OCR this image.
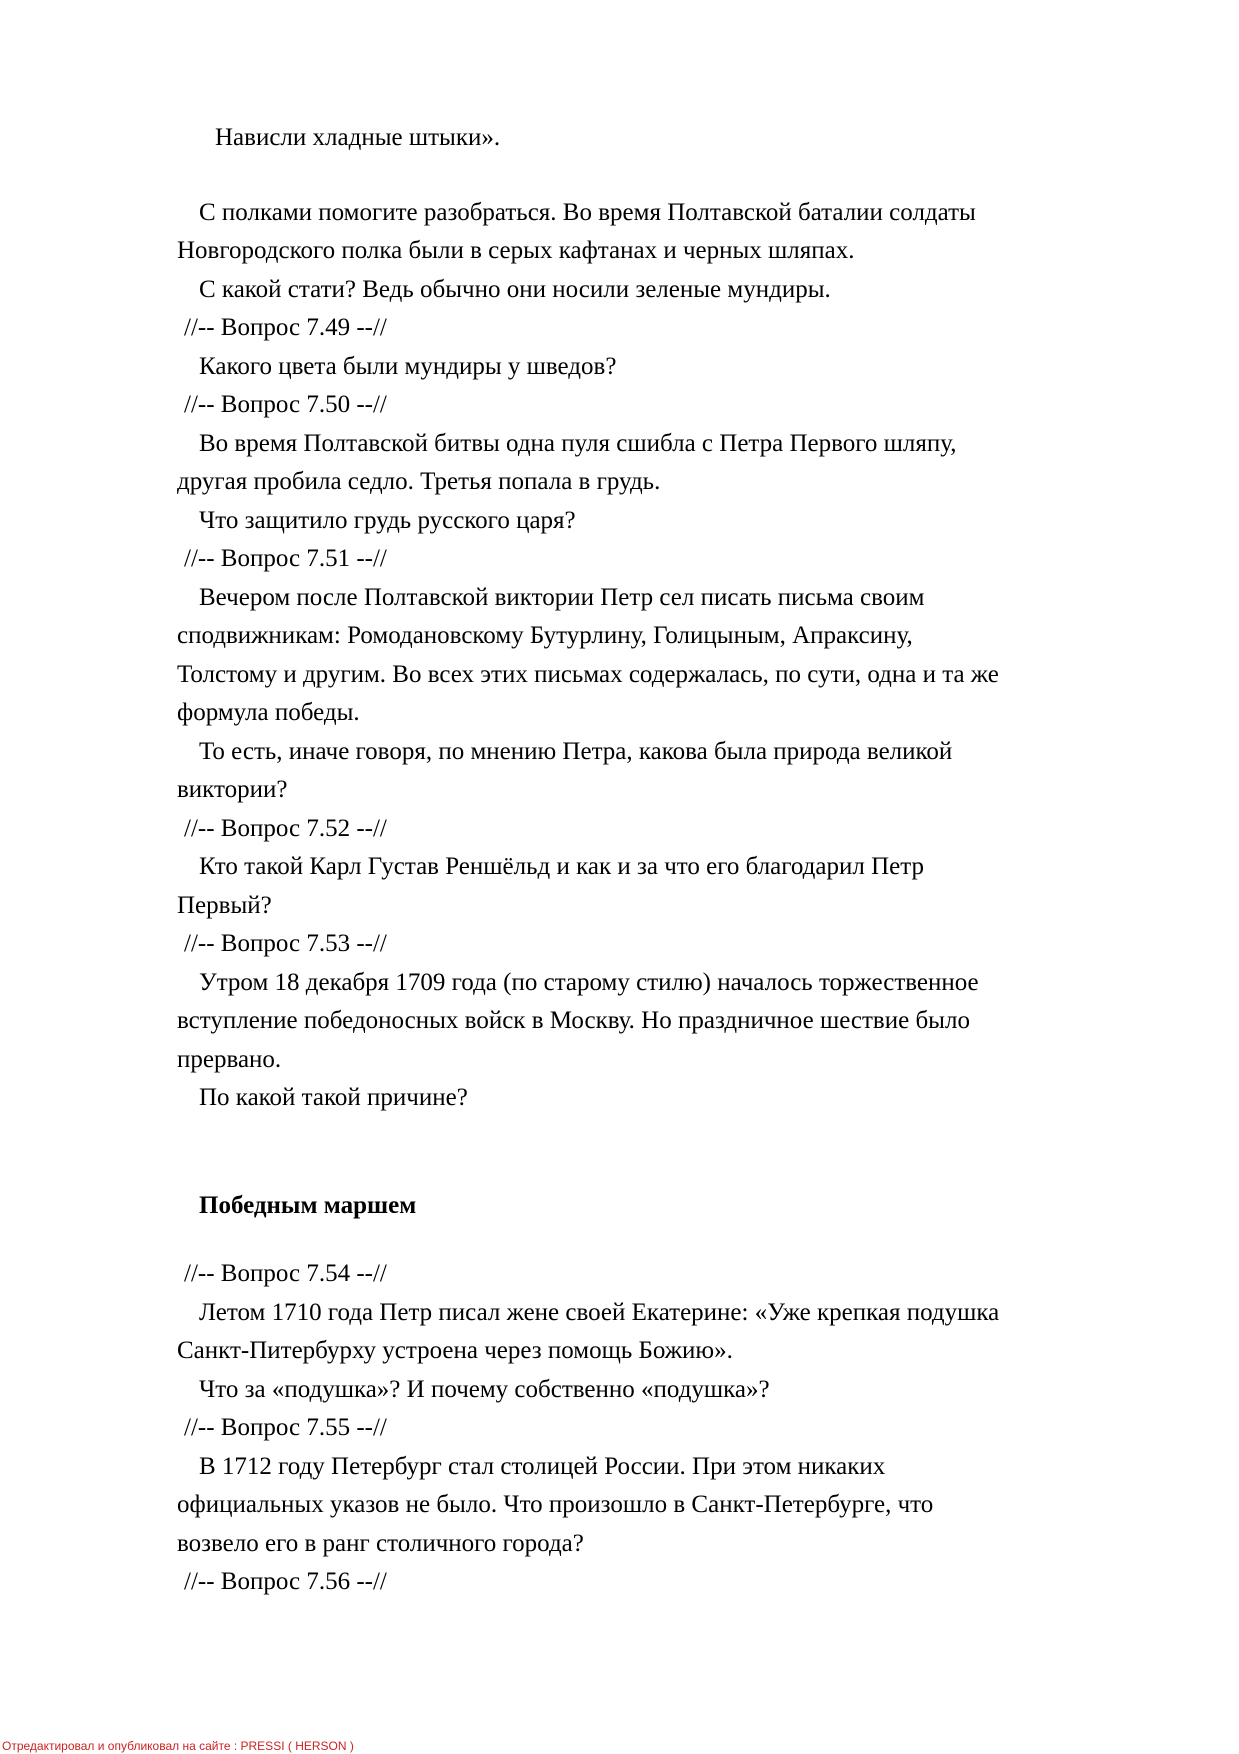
Нависли хладные штыки».
С полками помогите разобраться. Во время Полтавской баталии солдаты
Новгородского полка были в серых кафтанах и черных шляпах.
С какой стати? Ведь обычно они носили зеленые мундиры.
//-- Вопрос 7.49 --//
Какого цвета были мундиры у шведов?
//-- Вопрос 7.50 --//
Во время Полтавской битвы одна пуля сшибла с Петра Первого шляпу,
другая пробила седло. Третья попала в грудь.
Что защитило грудь русского царя?
//-- Вопрос 7.51 --//
Вечером после Полтавской виктории Петр сел писать письма своим
сподвижникам: Ромодановскому Бутурлину, Голицыным, Апраксину,
Толстому и другим. Во всех этих письмах содержалась, по сути, одна и та же
формула победы.
То есть, иначе говоря, по мнению Петра, какова была природа великой
виктории?
//-- Вопрос 7.52 --//
Кто такой Карл Густав Реншёльд и как и за что его благодарил Петр
Первый?
//-- Вопрос 7.53 --//
Утром 18 декабря 1709 года (по старому стилю) началось торжественное
вступление победоносных войск в Москву. Но праздничное шествие было
прервано.
По какой такой причине?
Победным маршем
//-- Вопрос 7.54 --//
Летом 1710 года Петр писал жене своей Екатерине: «Уже крепкая подушка
Санкт-Питербурху устроена через помощь Божию».
Что за «подушка»? И почему собственно «подушка»?
//-- Вопрос 7.55 --//
В 1712 году Петербург стал столицей России. При этом никаких
официальных указов не было. Что произошло в Санкт-Петербурге, что
возвело его в ранг столичного города?
//-- Вопрос 7.56 --//
Отредактировал и опубликовал на сайте : PRESSI ( HERSON )
